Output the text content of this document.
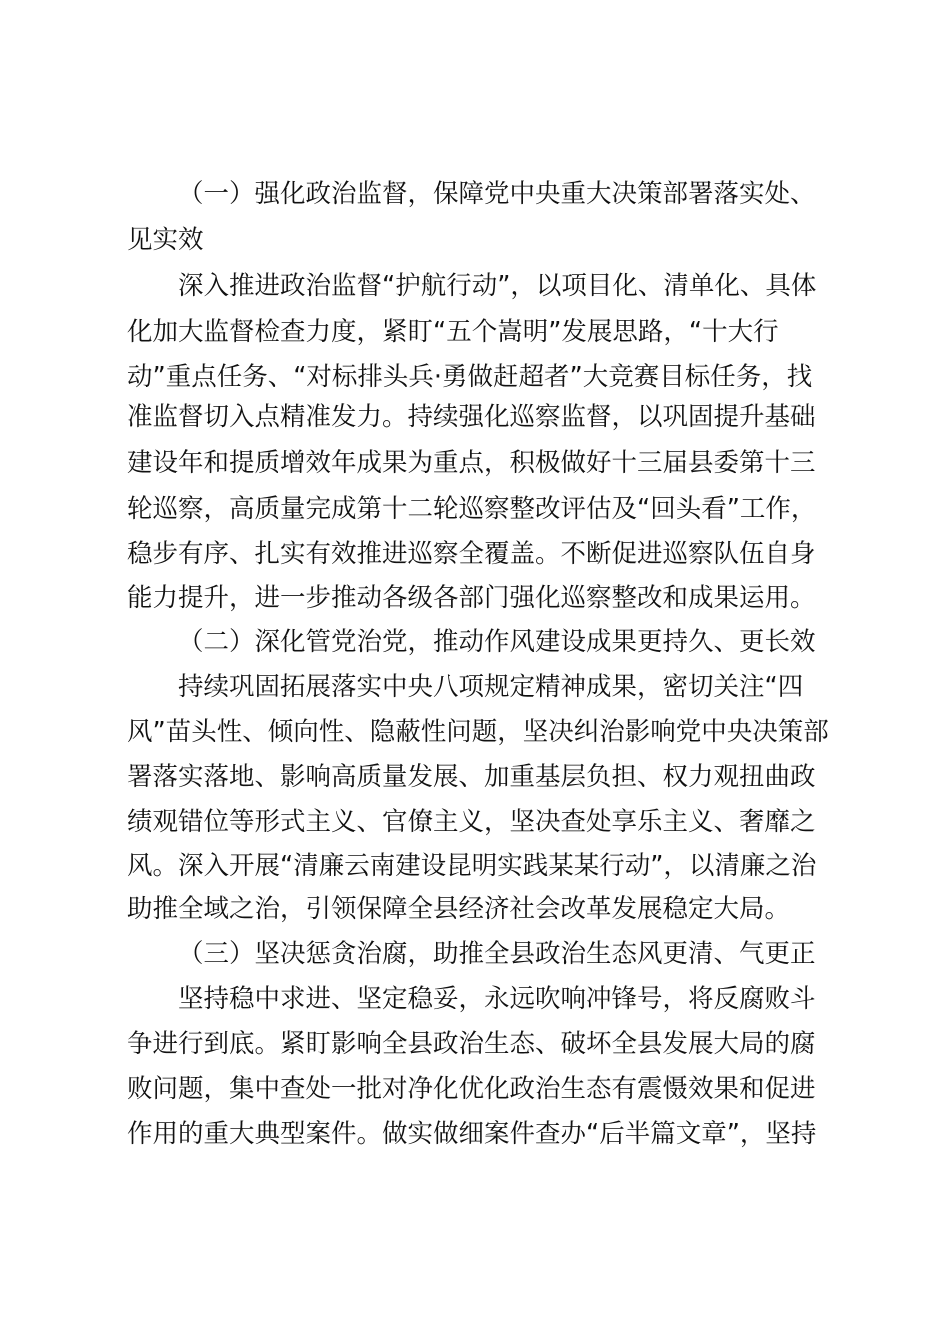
（一）强化政治监督，保障党中央重大决策部署落实处、

见实效

深入推进政治监督“护航行动”，以项目化、清单化、具体

化加大监督检查力度，紧盯“五个嵩明”发展思路，“十大行

动”重点任务、“对标排头兵·勇做赶超者”大竞赛目标任务，找

准监督切入点精准发力。持续强化巡察监督，以巩固提升基础

建设年和提质增效年成果为重点，积极做好十三届县委第十三

轮巡察，高质量完成第十二轮巡察整改评估及“回头看”工作，

稳步有序、扎实有效推进巡察全覆盖。不断促进巡察队伍自身

能力提升，进一步推动各级各部门强化巡察整改和成果运用。

（二）深化管党治党，推动作风建设成果更持久、更长效

持续巩固拓展落实中央八项规定精神成果，密切关注“四

风”苗头性、倾向性、隐蔽性问题，坚决纠治影响党中央决策部

署落实落地、影响高质量发展、加重基层负担、权力观扭曲政

绩观错位等形式主义、官僚主义，坚决查处享乐主义、奢靡之

风。深入开展“清廉云南建设昆明实践某某行动”，以清廉之治

助推全域之治，引领保障全县经济社会改革发展稳定大局。

（三）坚决惩贪治腐，助推全县政治生态风更清、气更正

坚持稳中求进、坚定稳妥，永远吹响冲锋号，将反腐败斗

争进行到底。紧盯影响全县政治生态、破坏全县发展大局的腐

败问题，集中查处一批对净化优化政治生态有震慑效果和促进

作用的重大典型案件。做实做细案件查办“后半篇文章”，坚持
